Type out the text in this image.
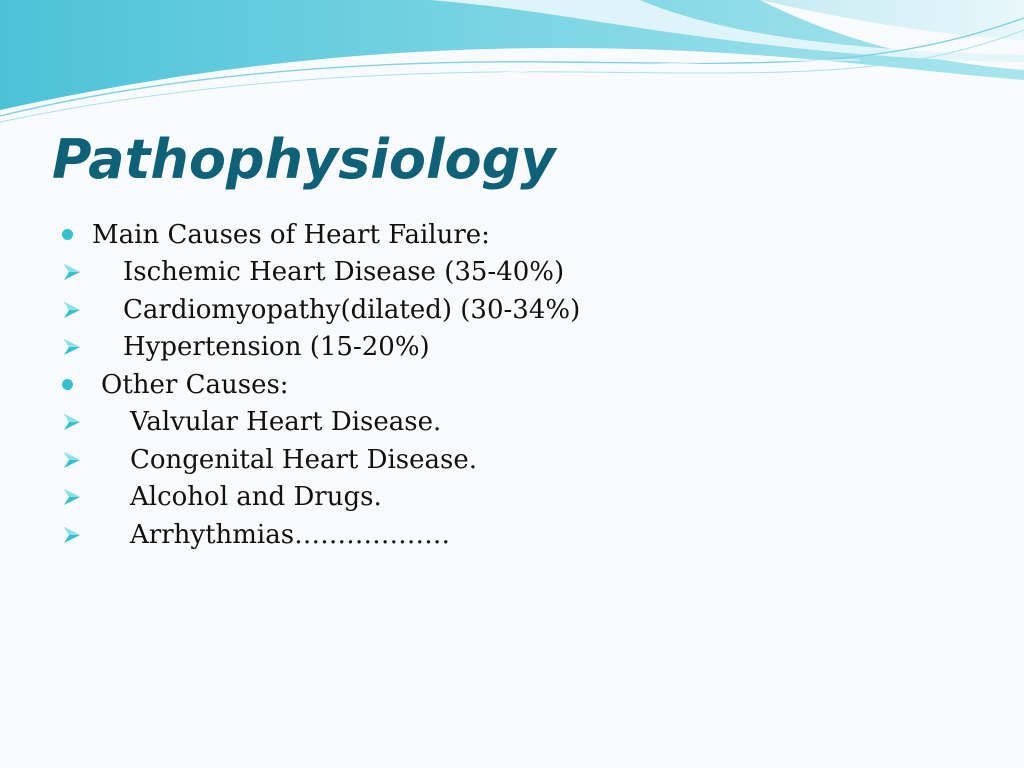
Pathophysiology
Main Causes of Heart Failure:
Ischemic Heart Disease (35-40%)
Cardiomyopathy(dilated) (30-34%)
Hypertension (15-20%)
Other Causes:
Valvular Heart Disease.
Congenital Heart Disease.
Alcohol and Drugs.
Arrhythmias………………
